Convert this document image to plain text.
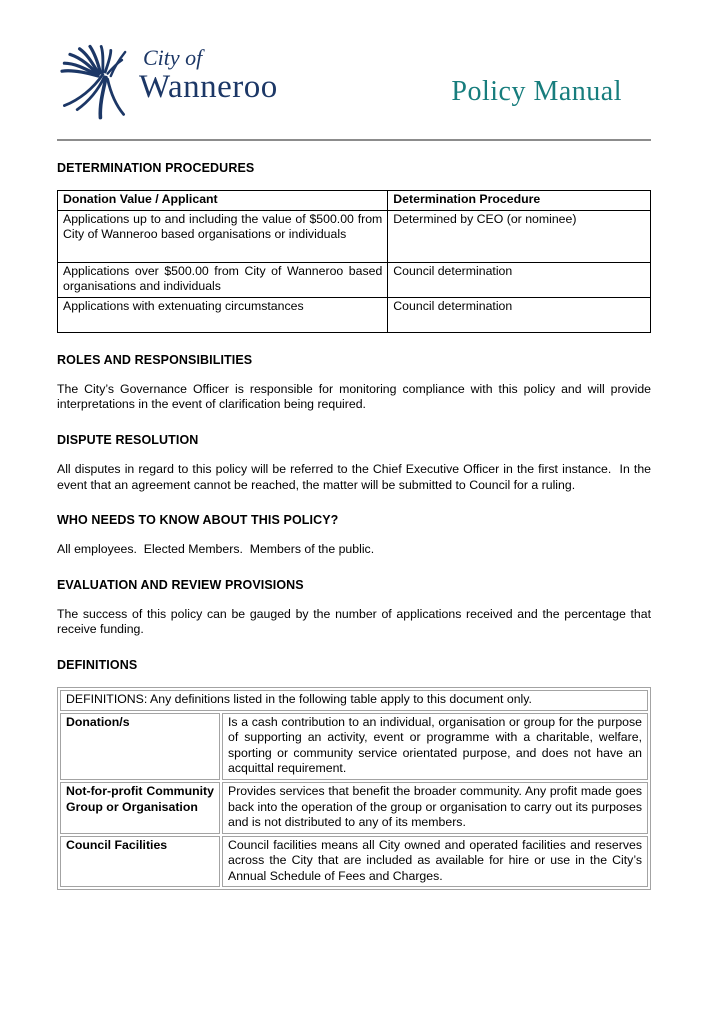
City of
Wanneroo	Policy Manual
DETERMINATION PROCEDURES
Donation Value / Applicant	Determination Procedure
Applications up to and including the value of $500.00 from City of Wanneroo based organisations or individuals	Determined by CEO (or nominee)
Applications over $500.00 from City of Wanneroo based organisations and individuals	Council determination
Applications with extenuating circumstances	Council determination
ROLES AND RESPONSIBILITIES

The City’s Governance Officer is responsible for monitoring compliance with this policy and will provide interpretations in the event of clarification being required.

DISPUTE RESOLUTION

All disputes in regard to this policy will be referred to the Chief Executive Officer in the first instance.  In the event that an agreement cannot be reached, the matter will be submitted to Council for a ruling.

WHO NEEDS TO KNOW ABOUT THIS POLICY?

All employees.  Elected Members.  Members of the public.

EVALUATION AND REVIEW PROVISIONS

The success of this policy can be gauged by the number of applications received and the percentage that receive funding.

DEFINITIONS
DEFINITIONS: Any definitions listed in the following table apply to this document only.	
Donation/s	Is a cash contribution to an individual, organisation or group for the purpose of supporting an activity, event or programme with a charitable, welfare, sporting or community service orientated purpose, and does not have an acquittal requirement.
Not-for-profit Community Group or Organisation	Provides services that benefit the broader community. Any profit made goes back into the operation of the group or organisation to carry out its purposes and is not distributed to any of its members.
Council Facilities	Council facilities means all City owned and operated facilities and reserves across the City that are included as available for hire or use in the City’s Annual Schedule of Fees and Charges.
